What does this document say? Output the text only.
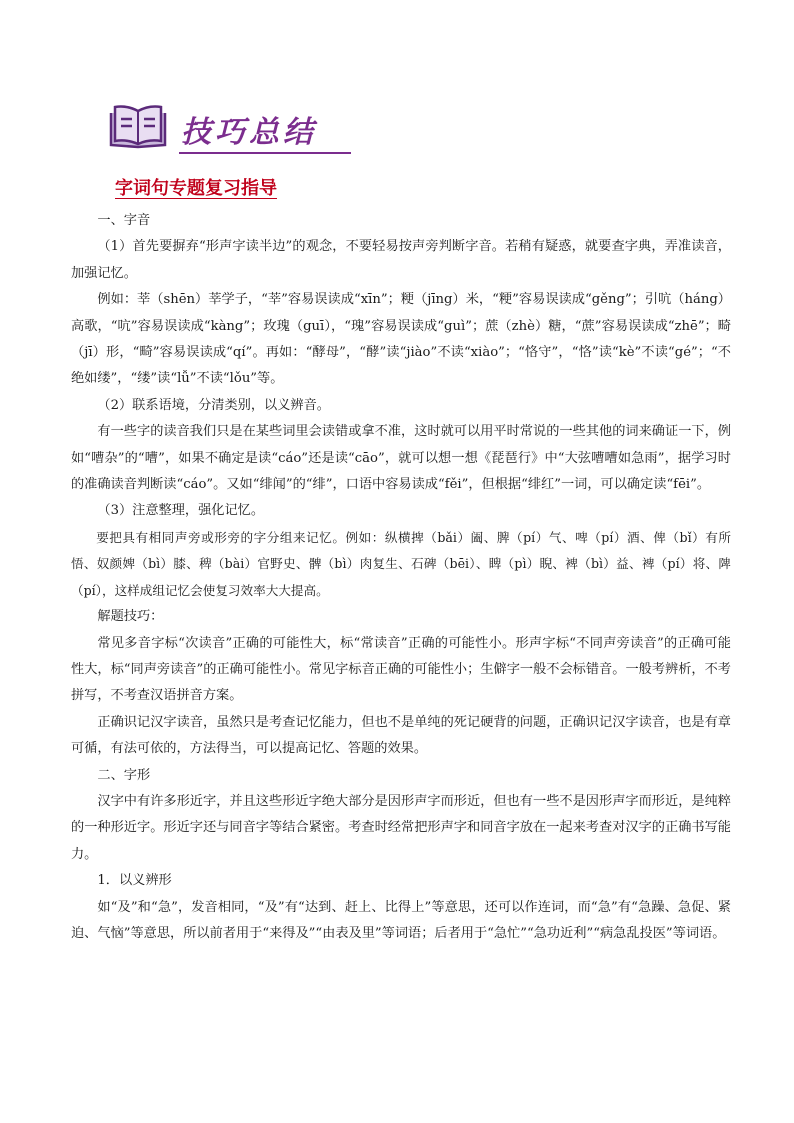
技巧总结
字词句专题复习指导

一、字音

（1）首先要摒弃“形声字读半边”的观念，不要轻易按声旁判断字音。若稍有疑惑，就要查字典，弄准读音，加强记忆。

例如：莘（shēn）莘学子，“莘”容易误读成“xīn”；粳（jīng）米，“粳”容易误读成“gěng”；引吭（háng）高歌，“吭”容易误读成“kàng”；玫瑰（guī），“瑰”容易误读成“guì”；蔗（zhè）糖，“蔗”容易误读成“zhē”；畸（jī）形，“畸”容易误读成“qí”。再如：“酵母”，“酵”读“jiào”不读“xiào”；“恪守”，“恪”读“kè”不读“gé”；“不绝如缕”，“缕”读“lǚ”不读“lǒu”等。

（2）联系语境，分清类别，以义辨音。

有一些字的读音我们只是在某些词里会读错或拿不准，这时就可以用平时常说的一些其他的词来确证一下，例如“嘈杂”的“嘈”，如果不确定是读“cáo”还是读“cāo”，就可以想一想《琵琶行》中“大弦嘈嘈如急雨”，据学习时的准确读音判断读“cáo”。又如“绯闻”的“绯”，口语中容易读成“fěi”，但根据“绯红”一词，可以确定读“fēi”。

（3）注意整理，强化记忆。

要把具有相同声旁或形旁的字分组来记忆。例如：纵横捭（bǎi）阖、脾（pí）气、啤（pí）酒、俾（bǐ）有所悟、奴颜婢（bì）膝、稗（bài）官野史、髀（bì）肉复生、石碑（bēi）、睥（pì）睨、裨（bì）益、裨（pí）将、陴（pí），这样成组记忆会使复习效率大大提高。

解题技巧：

常见多音字标“次读音”正确的可能性大，标“常读音”正确的可能性小。形声字标“不同声旁读音”的正确可能性大，标“同声旁读音”的正确可能性小。常见字标音正确的可能性小；生僻字一般不会标错音。一般考辨析，不考拼写，不考查汉语拼音方案。

正确识记汉字读音，虽然只是考查记忆能力，但也不是单纯的死记硬背的问题，正确识记汉字读音，也是有章可循，有法可依的，方法得当，可以提高记忆、答题的效果。

二、字形

汉字中有许多形近字，并且这些形近字绝大部分是因形声字而形近，但也有一些不是因形声字而形近，是纯粹的一种形近字。形近字还与同音字等结合紧密。考查时经常把形声字和同音字放在一起来考查对汉字的正确书写能力。

1．以义辨形

如“及”和“急”，发音相同，“及”有“达到、赶上、比得上”等意思，还可以作连词，而“急”有“急躁、急促、紧迫、气恼”等意思，所以前者用于“来得及”“由表及里”等词语；后者用于“急忙”“急功近利”“病急乱投医”等词语。
